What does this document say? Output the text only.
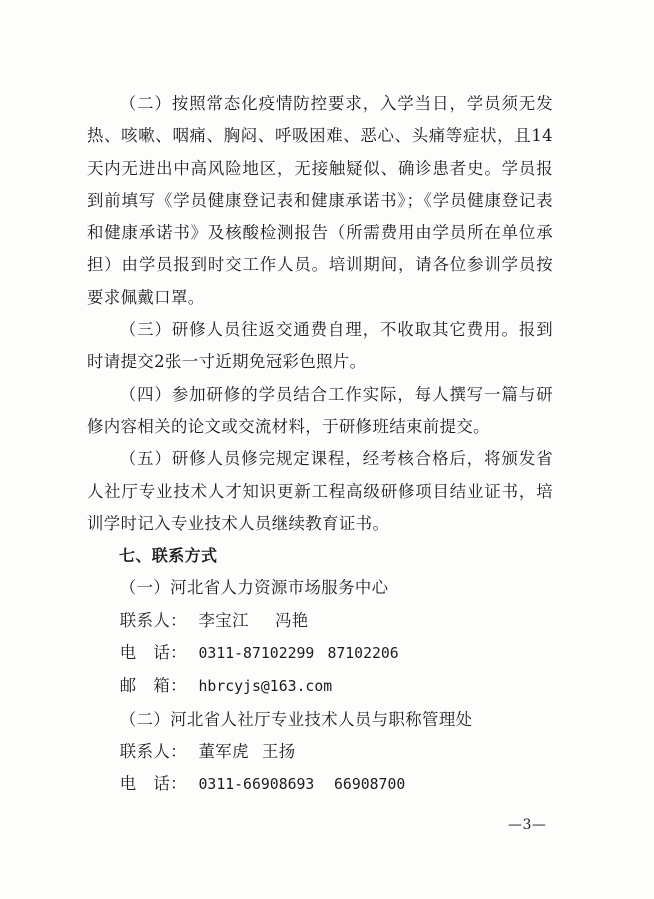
（二）按照常态化疫情防控要求，入学当日，学员须无发热、咳嗽、咽痛、胸闷、呼吸困难、恶心、头痛等症状，且14天内无进出中高风险地区，无接触疑似、确诊患者史。学员报到前填写《学员健康登记表和健康承诺书》；《学员健康登记表和健康承诺书》及核酸检测报告（所需费用由学员所在单位承担）由学员报到时交工作人员。培训期间，请各位参训学员按要求佩戴口罩。

（三）研修人员往返交通费自理，不收取其它费用。报到时请提交2张一寸近期免冠彩色照片。

（四）参加研修的学员结合工作实际，每人撰写一篇与研修内容相关的论文或交流材料，于研修班结束前提交。

（五）研修人员修完规定课程，经考核合格后，将颁发省人社厅专业技术人才知识更新工程高级研修项目结业证书，培训学时记入专业技术人员继续教育证书。

七、联系方式

（一）河北省人力资源市场服务中心

联系人： 李宝江 冯艳

电　话： 0311-87102299 87102206

邮　箱： hbrcyjs@163.com

（二）河北省人社厅专业技术人员与职称管理处

联系人： 董军虎 王扬

电　话： 0311-66908693 66908700

—3—
